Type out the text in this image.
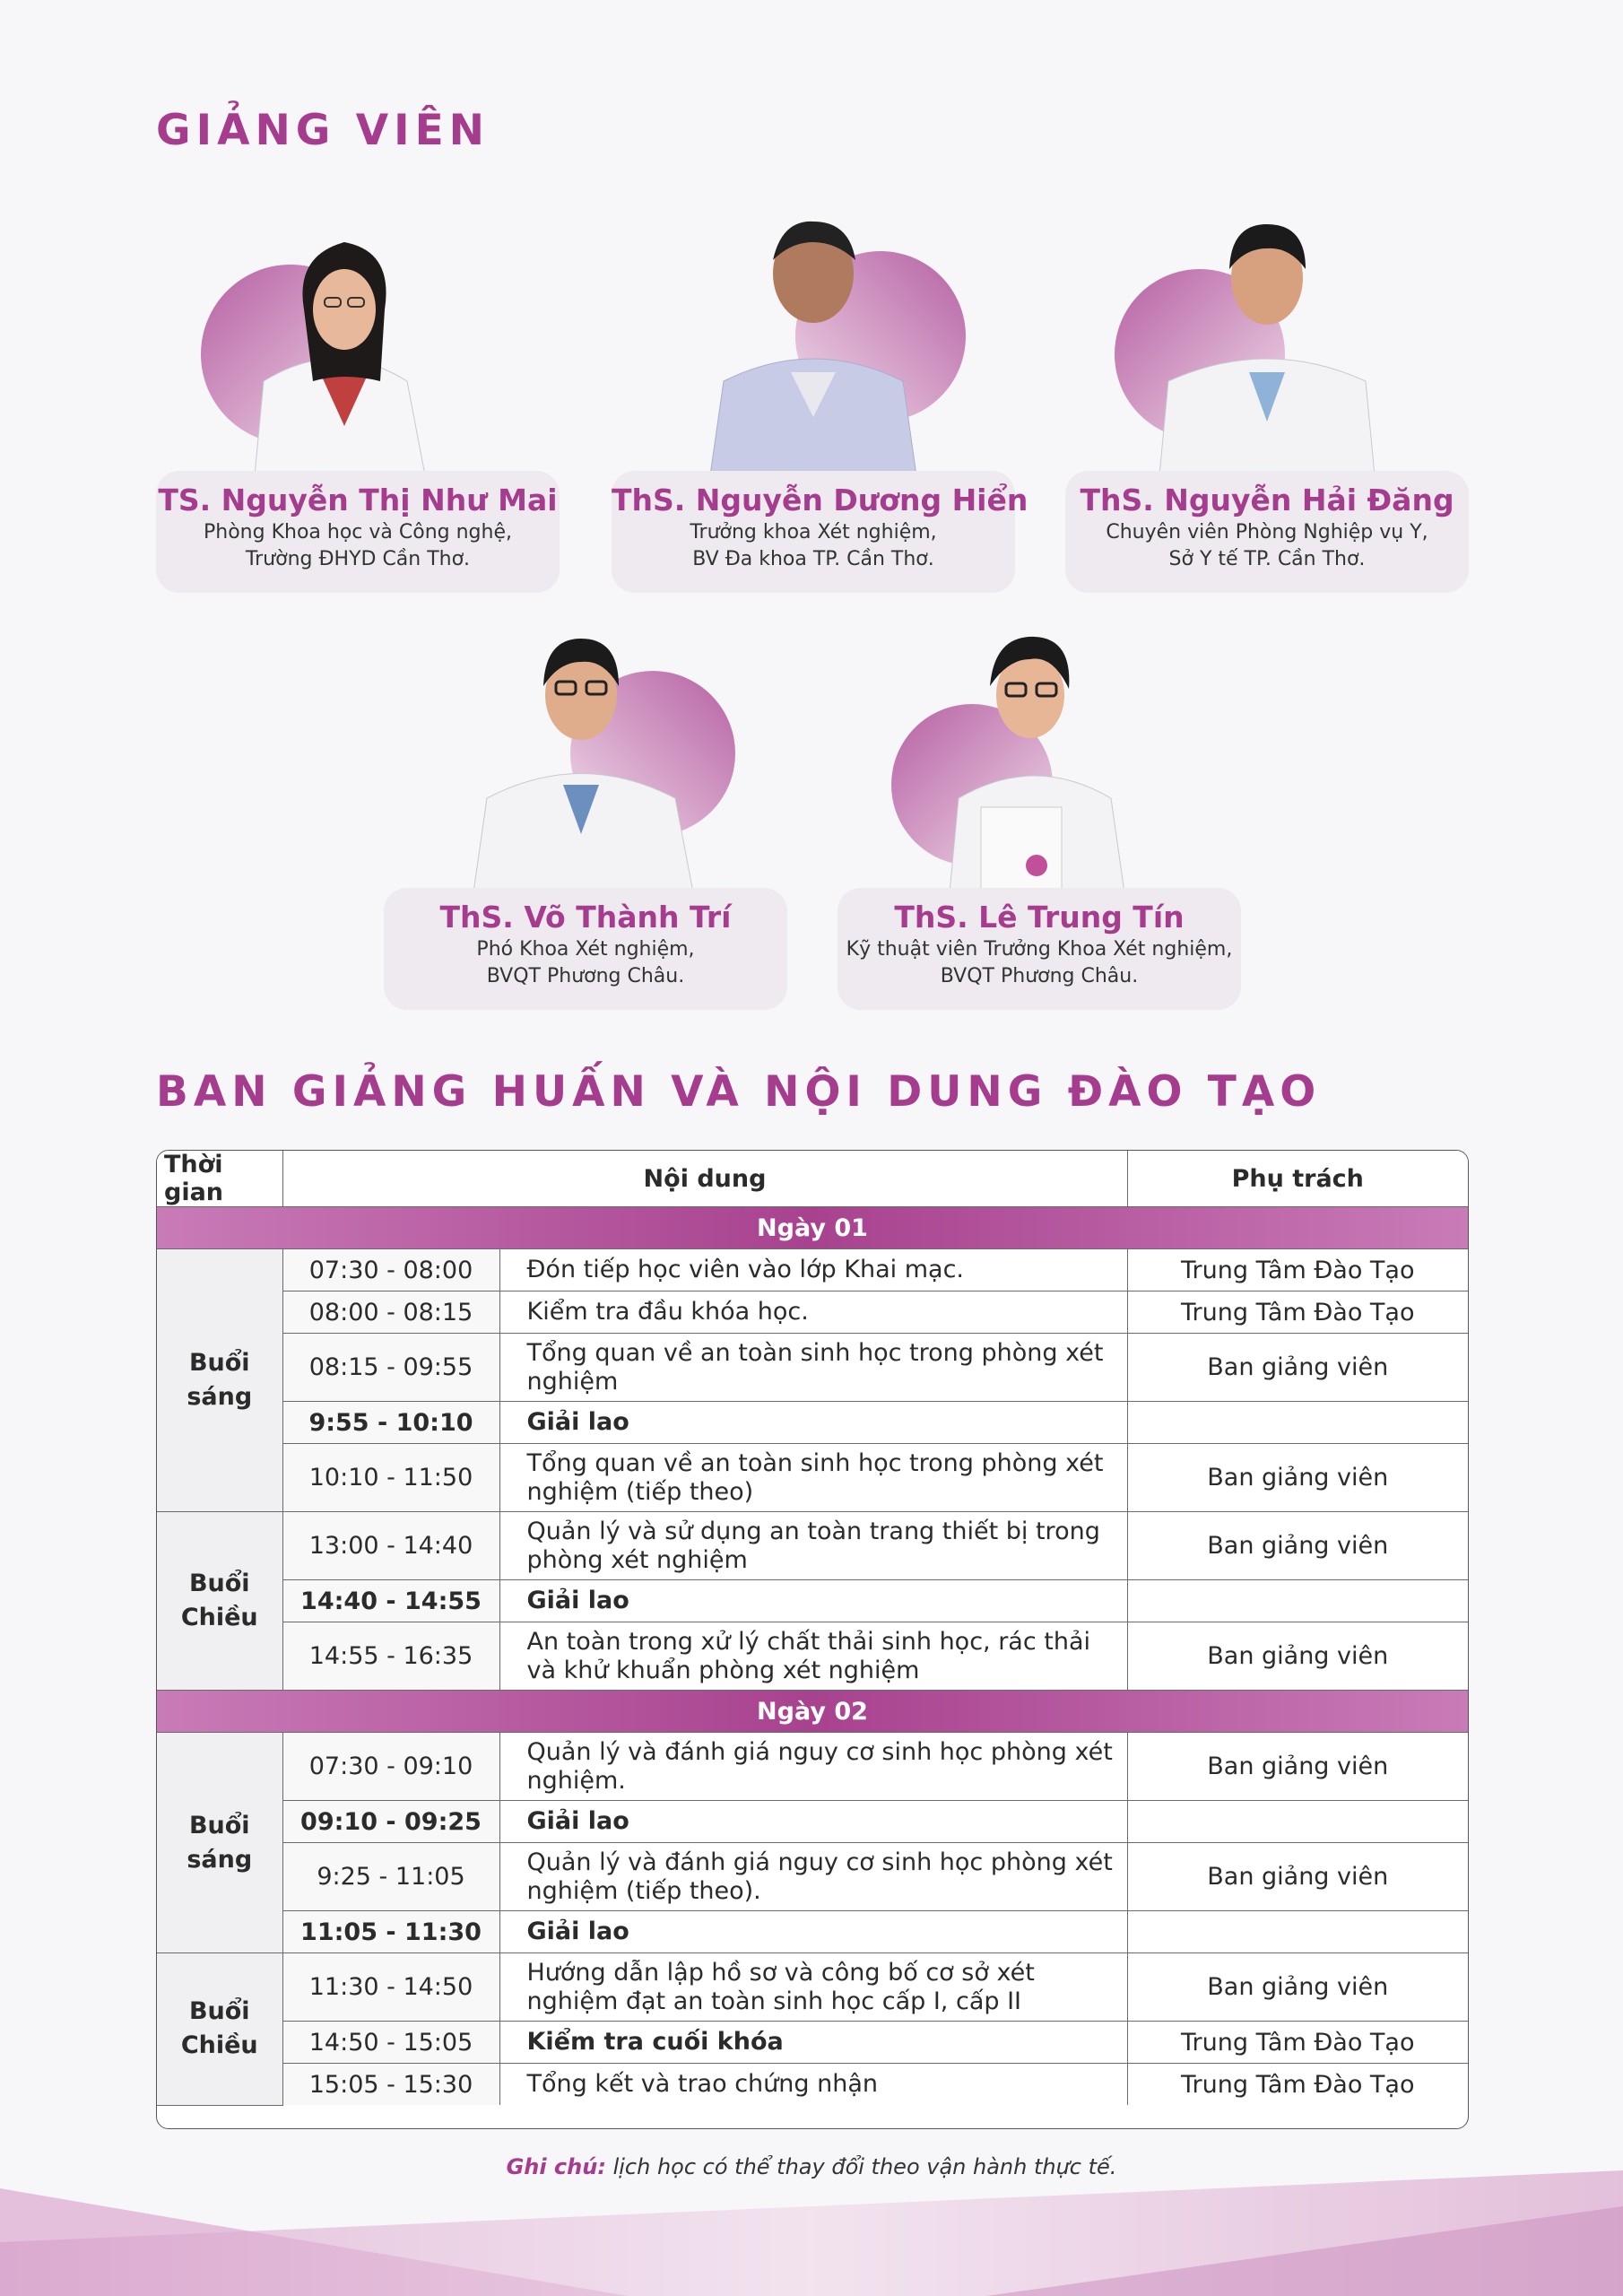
GIẢNG VIÊN
TS. Nguyễn Thị Như Mai
Phòng Khoa học và Công nghệ,
Trường ĐHYD Cần Thơ.
ThS. Nguyễn Dương Hiển
Trưởng khoa Xét nghiệm,
BV Đa khoa TP. Cần Thơ.
ThS. Nguyễn Hải Đăng
Chuyên viên Phòng Nghiệp vụ Y,
Sở Y tế TP. Cần Thơ.
ThS. Võ Thành Trí
Phó Khoa Xét nghiệm,
BVQT Phương Châu.
ThS. Lê Trung Tín
Kỹ thuật viên Trưởng Khoa Xét nghiệm,
BVQT Phương Châu.
BAN GIẢNG HUẤN VÀ NỘI DUNG ĐÀO TẠO
Thời gian	Nội dung		Phụ trách
Ngày 01			
Buổi sáng	07:30 - 08:00	Đón tiếp học viên vào lớp Khai mạc.	Trung Tâm Đào Tạo
	08:00 - 08:15	Kiểm tra đầu khóa học.	Trung Tâm Đào Tạo
	08:15 - 09:55	Tổng quan về an toàn sinh học trong phòng xét nghiệm	Ban giảng viên
	9:55 - 10:10	Giải lao	
	10:10 - 11:50	Tổng quan về an toàn sinh học trong phòng xét nghiệm (tiếp theo)	Ban giảng viên
Buổi Chiều	13:00 - 14:40	Quản lý và sử dụng an toàn trang thiết bị trong phòng xét nghiệm	Ban giảng viên
	14:40 - 14:55	Giải lao	
	14:55 - 16:35	An toàn trong xử lý chất thải sinh học, rác thải và khử khuẩn phòng xét nghiệm	Ban giảng viên
Ngày 02			
Buổi sáng	07:30 - 09:10	Quản lý và đánh giá nguy cơ sinh học phòng xét nghiệm.	Ban giảng viên
	09:10 - 09:25	Giải lao	
	9:25 - 11:05	Quản lý và đánh giá nguy cơ sinh học phòng xét nghiệm (tiếp theo).	Ban giảng viên
	11:05 - 11:30	Giải lao	
Buổi Chiều	11:30 - 14:50	Hướng dẫn lập hồ sơ và công bố cơ sở xét nghiệm đạt an toàn sinh học cấp I, cấp II	Ban giảng viên
	14:50 - 15:05	Kiểm tra cuối khóa	Trung Tâm Đào Tạo
	15:05 - 15:30	Tổng kết và trao chứng nhận	Trung Tâm Đào Tạo
Ghi chú: lịch học có thể thay đổi theo vận hành thực tế.
